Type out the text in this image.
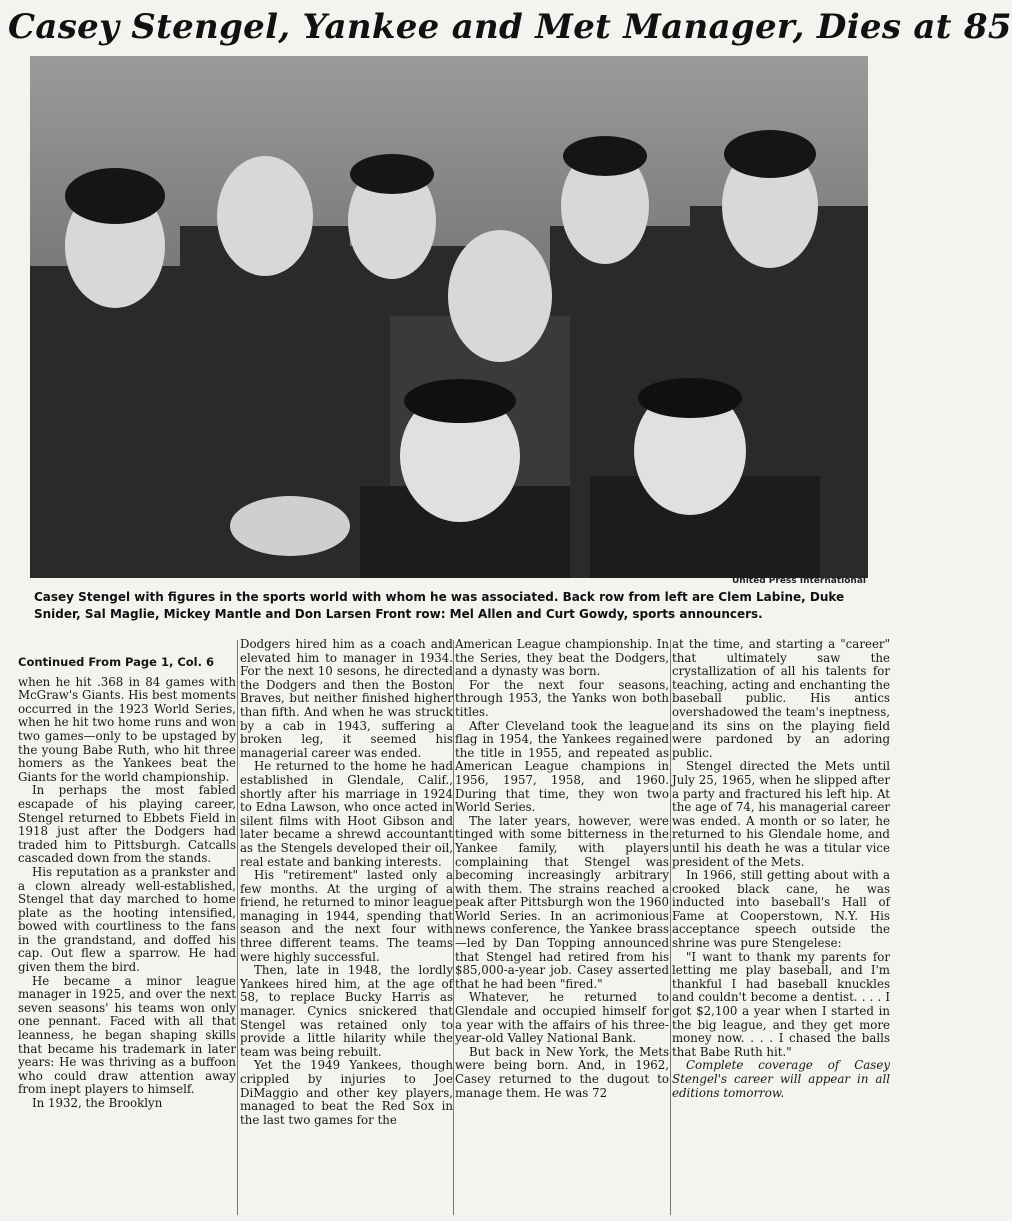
Casey Stengel, Yankee and Met Manager, Dies at 85
United Press International
Casey Stengel with figures in the sports world with whom he was associated. Back row from left are Clem Labine, Duke Snider, Sal Maglie, Mickey Mantle and Don Larsen Front row: Mel Allen and Curt Gowdy, sports announcers.

Continued From Page 1, Col. 6

when he hit .368 in 84 games with McGraw's Giants. His best moments occurred in the 1923 World Series, when he hit two home runs and won two games—only to be upstaged by the young Babe Ruth, who hit three homers as the Yankees beat the Giants for the world championship.

In perhaps the most fabled escapade of his playing career, Stengel returned to Ebbets Field in 1918 just after the Dodgers had traded him to Pittsburgh. Catcalls cascaded down from the stands.

His reputation as a prankster and a clown already well-established, Stengel that day marched to home plate as the hooting intensified, bowed with courtliness to the fans in the grandstand, and doffed his cap. Out flew a sparrow. He had given them the bird.

He became a minor league manager in 1925, and over the next seven seasons' his teams won only one pennant. Faced with all that leanness, he began shaping skills that became his trademark in later years: He was thriving as a buffoon who could draw attention away from inept players to himself.

In 1932, the Brooklyn

Dodgers hired him as a coach and elevated him to manager in 1934. For the next 10 sesons, he directed the Dodgers and then the Boston Braves, but neither finished higher than fifth. And when he was struck by a cab in 1943, suffering a broken leg, it seemed his managerial career was ended.

He returned to the home he had established in Glendale, Calif., shortly after his marriage in 1924 to Edna Lawson, who once acted in silent films with Hoot Gibson and later became a shrewd accountant as the Stengels developed their oil, real estate and banking interests.

His "retirement" lasted only a few months. At the urging of a friend, he returned to minor league managing in 1944, spending that season and the next four with three different teams. The teams were highly successful.

Then, late in 1948, the lordly Yankees hired him, at the age of 58, to replace Bucky Harris as manager. Cynics snickered that Stengel was retained only to provide a little hilarity while the team was being rebuilt.

Yet the 1949 Yankees, though crippled by injuries to Joe DiMaggio and other key players, managed to beat the Red Sox in the last two games for the

American League championship. In the Series, they beat the Dodgers, and a dynasty was born.

For the next four seasons, through 1953, the Yanks won both titles.

After Cleveland took the league flag in 1954, the Yankees regained the title in 1955, and repeated as American League champions in 1956, 1957, 1958, and 1960. During that time, they won two World Series.

The later years, however, were tinged with some bitterness in the Yankee family, with players complaining that Stengel was becoming increasingly arbitrary with them. The strains reached a peak after Pittsburgh won the 1960 World Series. In an acrimonious news conference, the Yankee brass—led by Dan Topping announced that Stengel had retired from his $85,000-a-year job. Casey asserted that he had been "fired."

Whatever, he returned to Glendale and occupied himself for a year with the affairs of his three-year-old Valley National Bank.

But back in New York, the Mets were being born. And, in 1962, Casey returned to the dugout to manage them. He was 72

at the time, and starting a "career" that ultimately saw the crystallization of all his talents for teaching, acting and enchanting the baseball public. His antics overshadowed the team's ineptness, and its sins on the playing field were pardoned by an adoring public.

Stengel directed the Mets until July 25, 1965, when he slipped after a party and fractured his left hip. At the age of 74, his managerial career was ended. A month or so later, he returned to his Glendale home, and until his death he was a titular vice president of the Mets.

In 1966, still getting about with a crooked black cane, he was inducted into baseball's Hall of Fame at Cooperstown, N.Y. His acceptance speech outside the shrine was pure Stengelese:

"I want to thank my parents for letting me play baseball, and I'm thankful I had baseball knuckles and couldn't become a dentist. . . . I got $2,100 a year when I started in the big league, and they get more money now. . . . I chased the balls that Babe Ruth hit."

Complete coverage of Casey Stengel's career will appear in all editions tomorrow.
